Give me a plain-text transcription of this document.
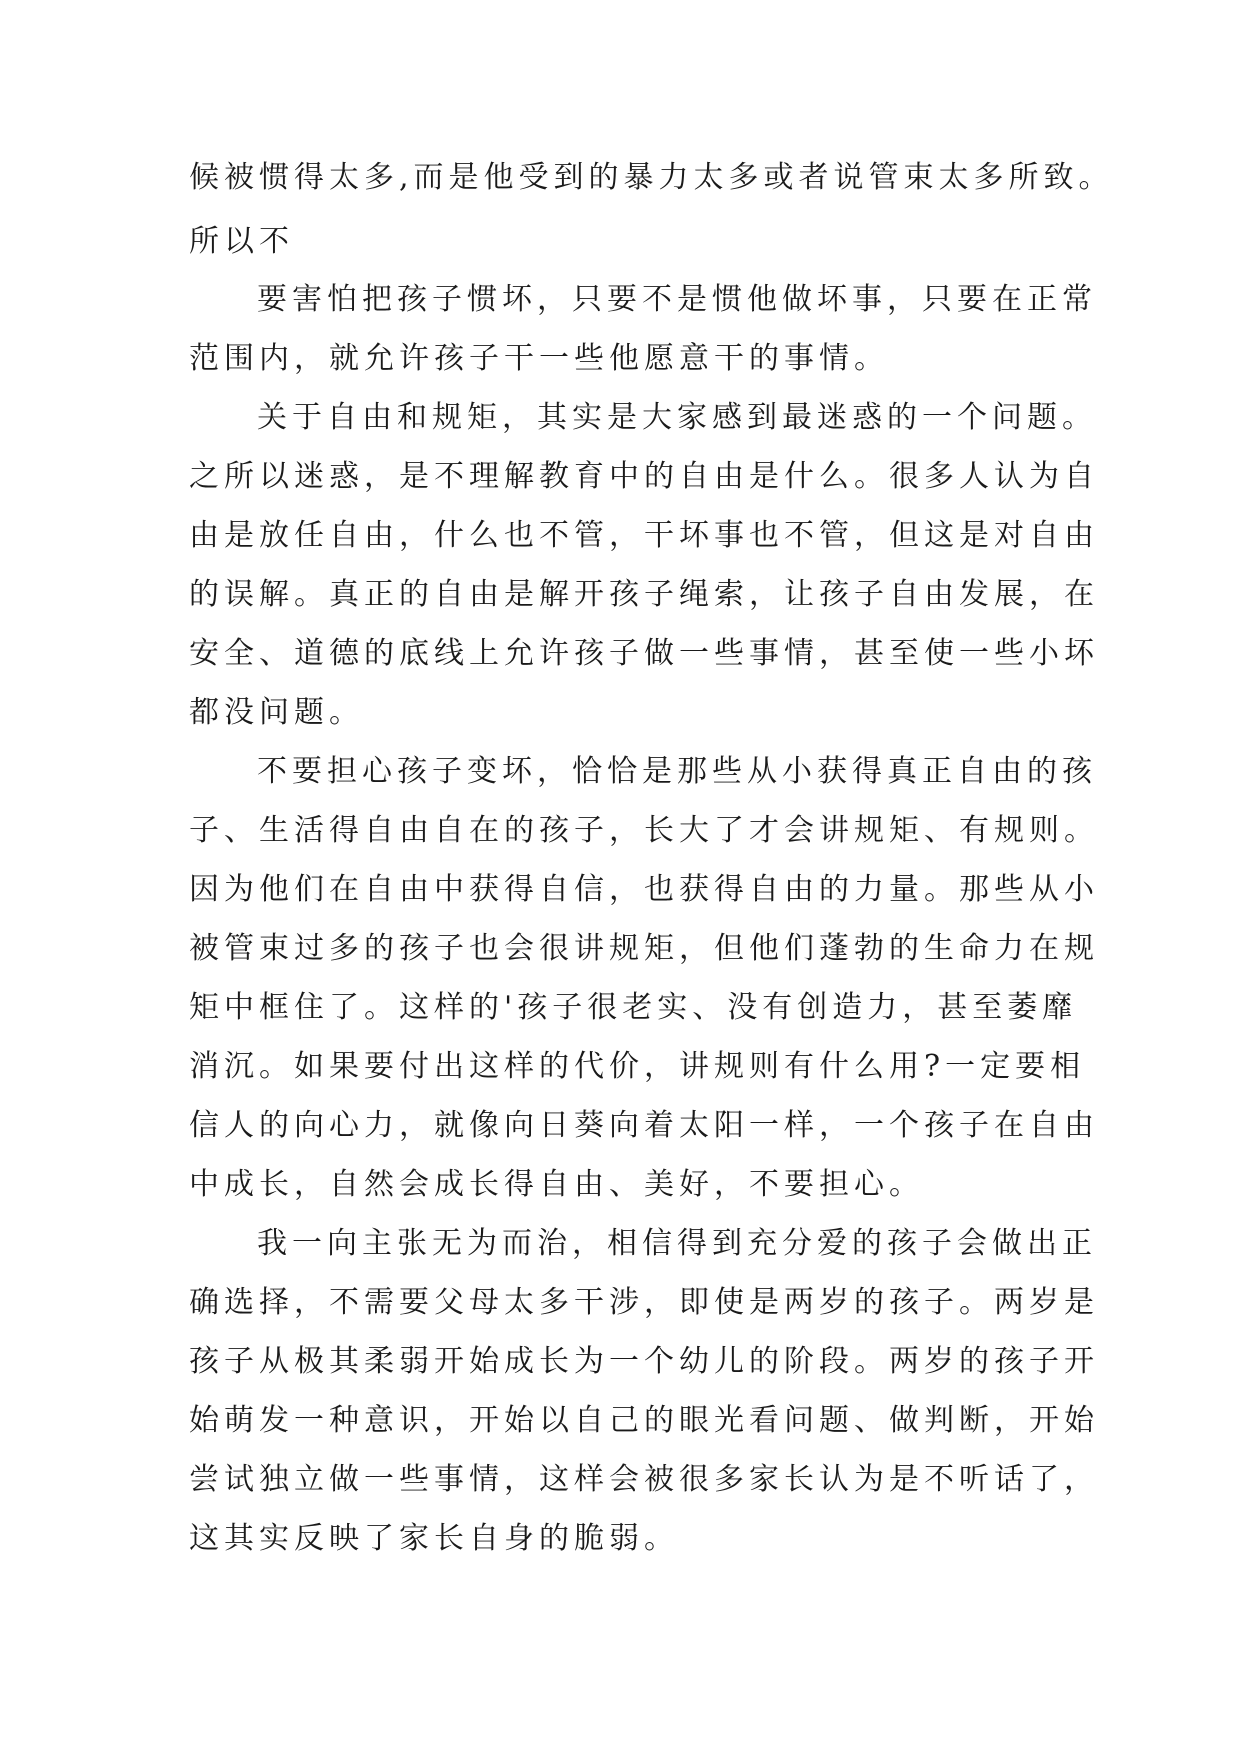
候被惯得太多,而是他受到的暴力太多或者说管束太多所致。
所以不
要害怕把孩子惯坏，只要不是惯他做坏事，只要在正常
范围内，就允许孩子干一些他愿意干的事情。
关于自由和规矩，其实是大家感到最迷惑的一个问题。
之所以迷惑，是不理解教育中的自由是什么。很多人认为自
由是放任自由，什么也不管，干坏事也不管，但这是对自由
的误解。真正的自由是解开孩子绳索，让孩子自由发展，在
安全、道德的底线上允许孩子做一些事情，甚至使一些小坏
都没问题。
不要担心孩子变坏，恰恰是那些从小获得真正自由的孩
子、生活得自由自在的孩子，长大了才会讲规矩、有规则。
因为他们在自由中获得自信，也获得自由的力量。那些从小
被管束过多的孩子也会很讲规矩，但他们蓬勃的生命力在规
矩中框住了。这样的'孩子很老实、没有创造力，甚至萎靡
消沉。如果要付出这样的代价，讲规则有什么用?一定要相
信人的向心力，就像向日葵向着太阳一样，一个孩子在自由
中成长，自然会成长得自由、美好，不要担心。
我一向主张无为而治，相信得到充分爱的孩子会做出正
确选择，不需要父母太多干涉，即使是两岁的孩子。两岁是
孩子从极其柔弱开始成长为一个幼儿的阶段。两岁的孩子开
始萌发一种意识，开始以自己的眼光看问题、做判断，开始
尝试独立做一些事情，这样会被很多家长认为是不听话了，
这其实反映了家长自身的脆弱。
